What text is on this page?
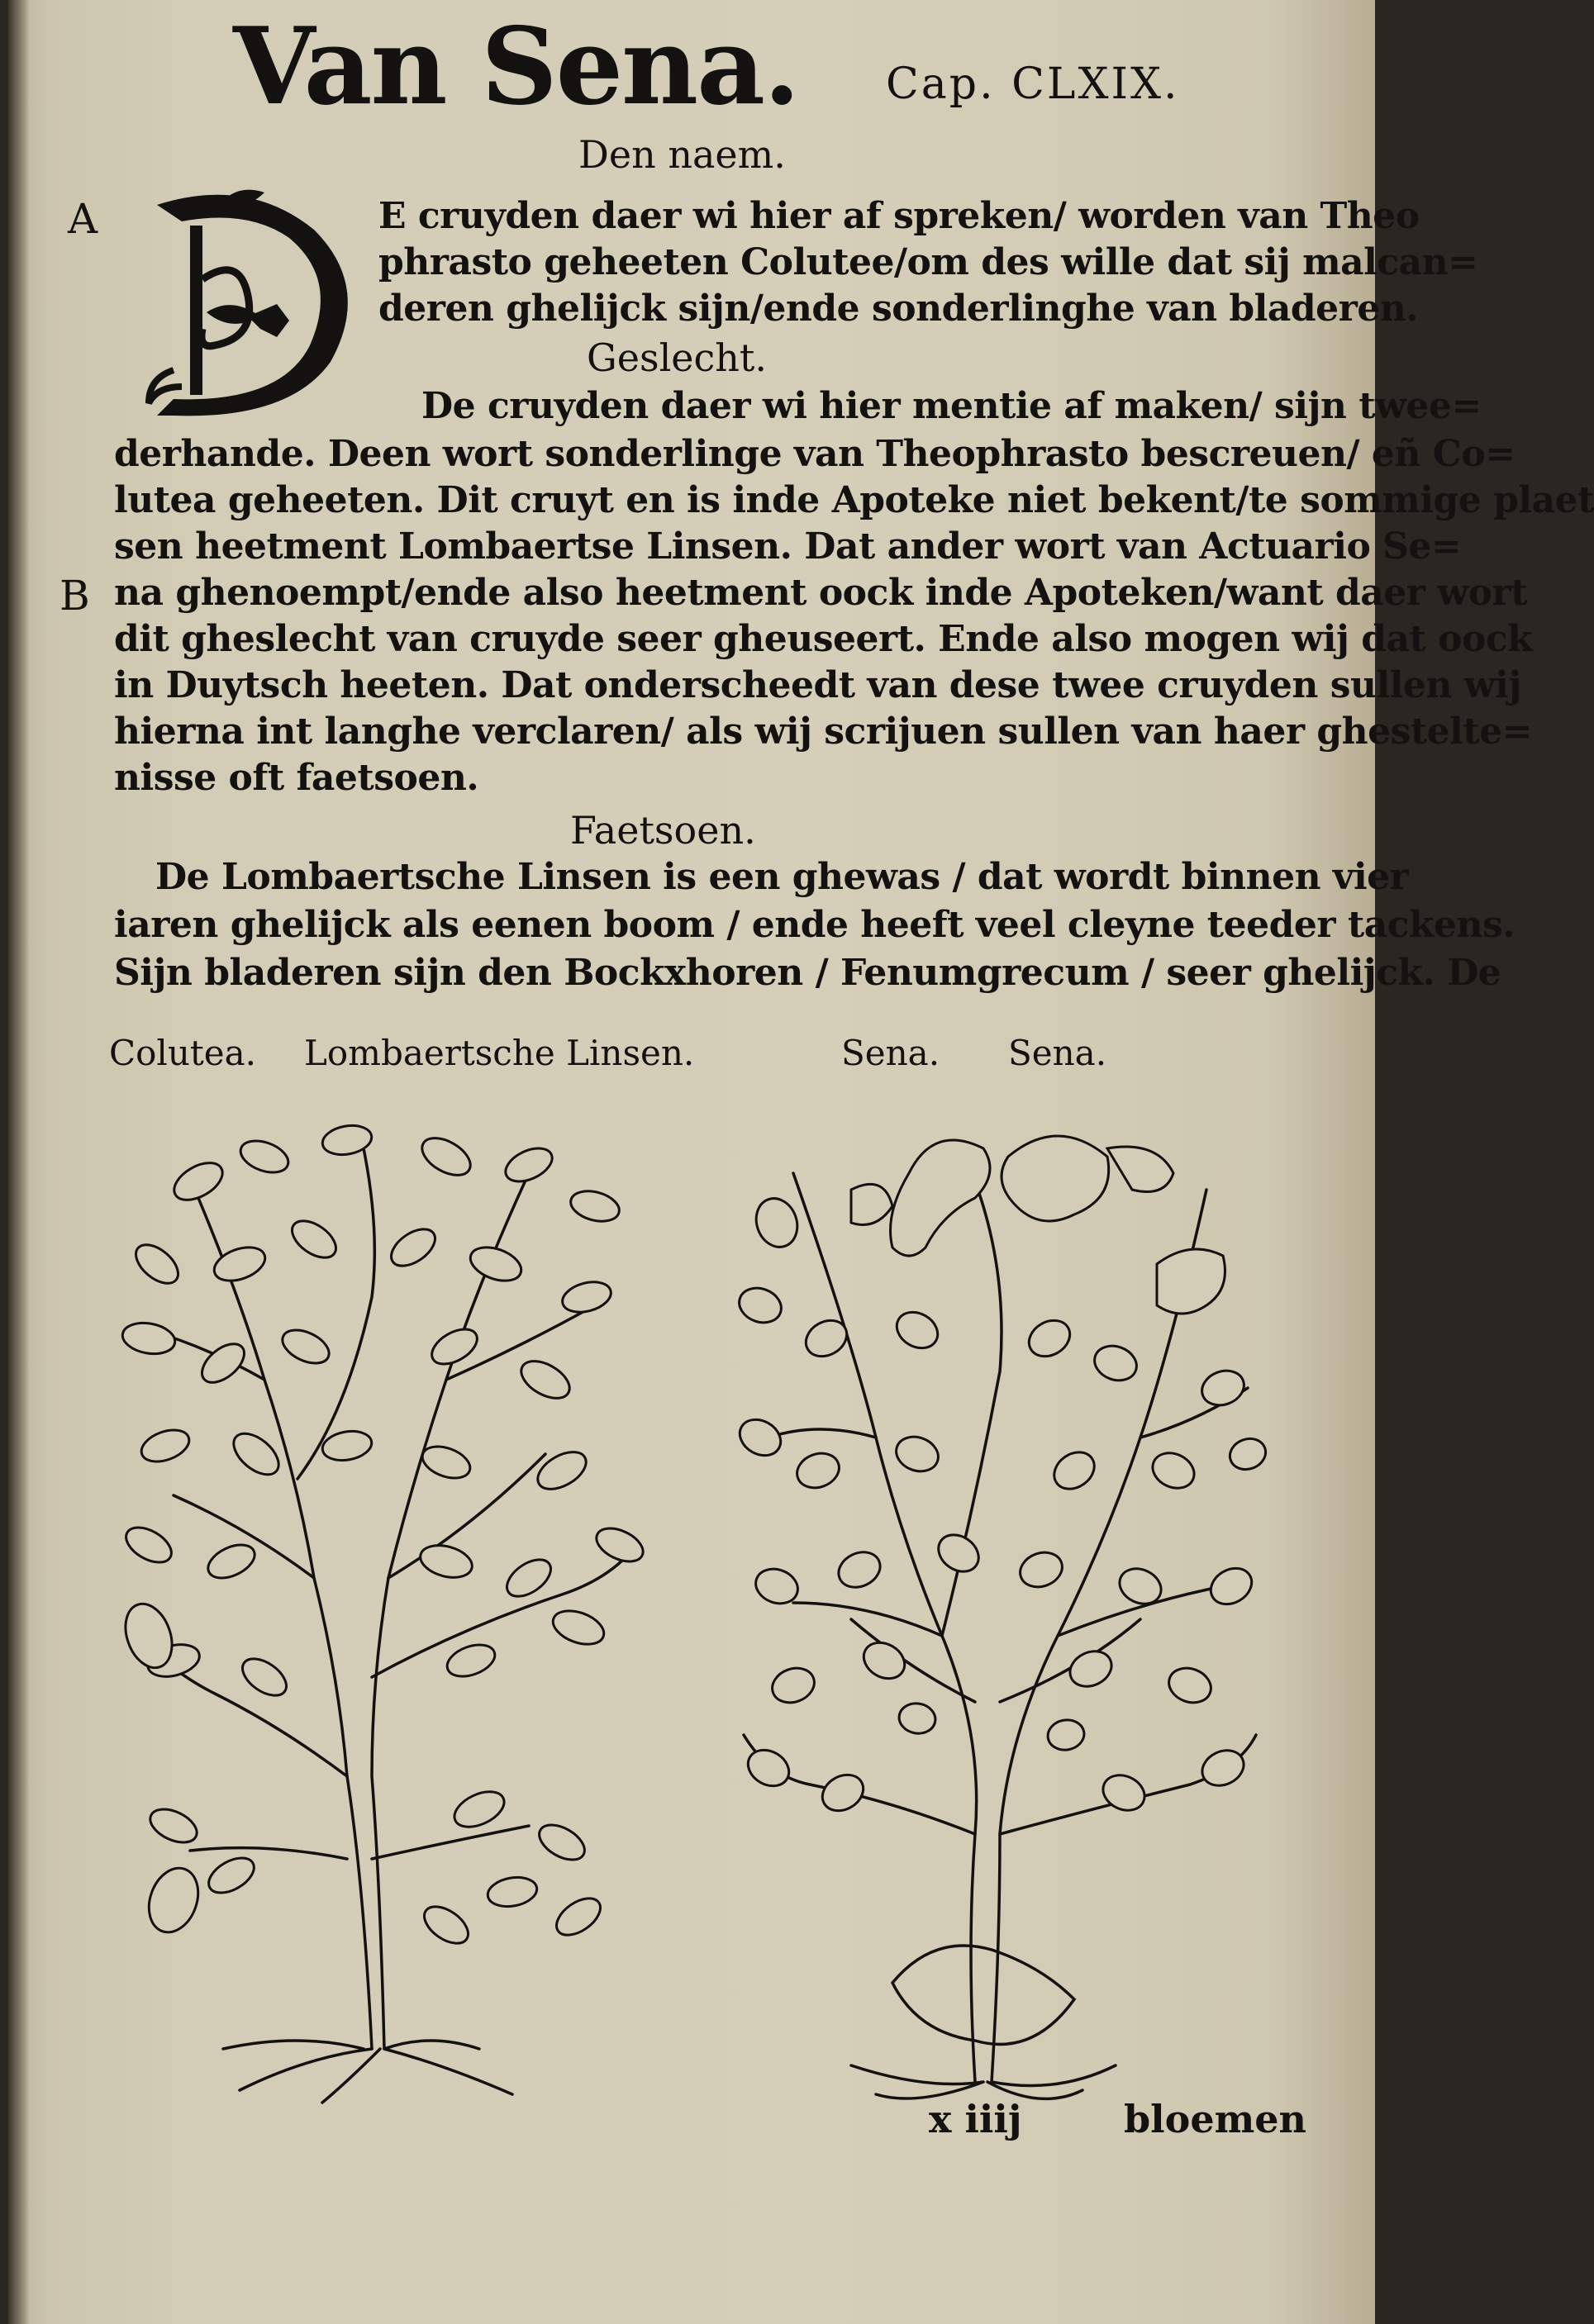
Van Sena. Cap. CLXIX.
Den naem.
A	E cruyden daer wi hier af spreken/ worden van Theo
phrasto geheeten Colutee/om des wille dat sij malcan=
deren ghelijck sijn/ende sonderlinghe van bladeren.
Geslecht.
De cruyden daer wi hier mentie af maken/ sijn twee=
derhande. Deen wort sonderlinge van Theophrasto bescreuen/ eñ Co=
lutea geheeten. Dit cruyt en is inde Apoteke niet bekent/te sommige plaet
sen heetment Lombaertse Linsen. Dat ander wort van Actuario Se=
B na ghenoempt/ende also heetment oock inde Apoteken/want daer wort
dit gheslecht van cruyde seer gheuseert. Ende also mogen wij dat oock
in Duytsch heeten. Dat onderscheedt van dese twee cruyden sullen wij
hierna int langhe verclaren/ als wij scrijuen sullen van haer ghestelte=
nisse oft faetsoen.
Faetsoen.
De Lombaertsche Linsen is een ghewas / dat wordt binnen vier
iaren ghelijck als eenen boom / ende heeft veel cleyne teeder tackens.
Sijn bladeren sijn den Bockxhoren / Fenumgrecum / seer ghelijck. De
Colutea. Lombaertsche Linsen.	Sena. Sena.
x iiij	bloemen
